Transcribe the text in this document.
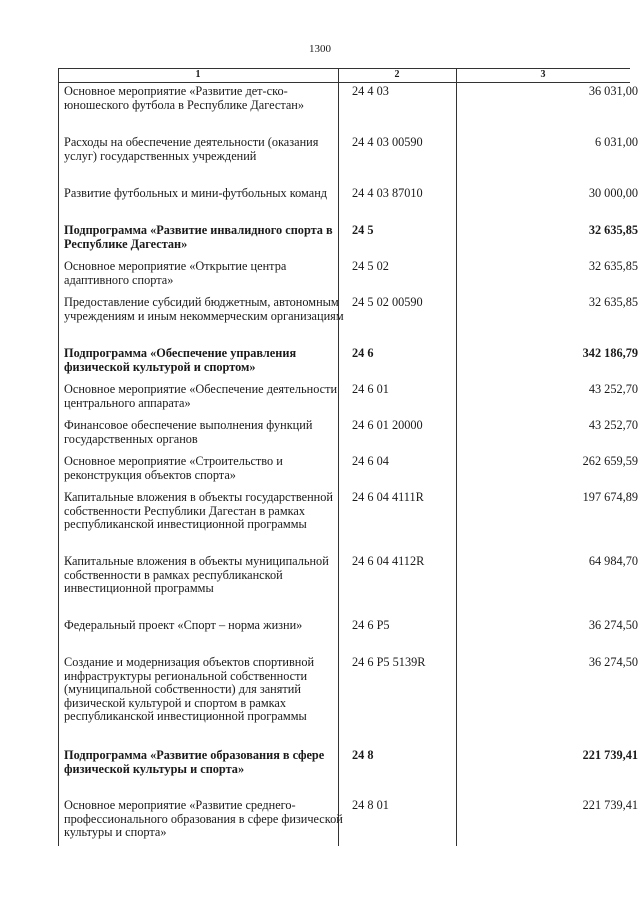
1300
1	2	3
Основное мероприятие «Развитие дет-ско-юношеского футбола в Республике Дагестан»	24 4 03	36 031,00
Расходы на обеспечение деятельности (оказания услуг) государственных учреждений	24 4 03 00590	6 031,00
Развитие футбольных и мини-футбольных команд	24 4 03 87010	30 000,00
Подпрограмма «Развитие инвалидного спорта в Республике Дагестан»	24 5	32 635,85
Основное мероприятие «Открытие центра адаптивного спорта»	24 5 02	32 635,85
Предоставление субсидий бюджетным, автономным учреждениям и иным некоммерческим организациям	24 5 02 00590	32 635,85
Подпрограмма «Обеспечение управления физической культурой и спортом»	24 6	342 186,79
Основное мероприятие «Обеспечение деятельности центрального аппарата»	24 6 01	43 252,70
Финансовое обеспечение выполнения функций государственных органов	24 6 01 20000	43 252,70
Основное мероприятие «Строительство и реконструкция объектов спорта»	24 6 04	262 659,59
Капитальные вложения в объекты государственной собственности Республики Дагестан в рамках республиканской инвестиционной программы	24 6 04 4111R	197 674,89
Капитальные вложения в объекты муниципальной собственности в рамках республиканской инвестиционной программы	24 6 04 4112R	64 984,70
Федеральный проект «Спорт – норма жизни»	24 6 P5	36 274,50
Создание и модернизация объектов спортивной инфраструктуры региональной собственности (муниципальной собственности) для занятий физической культурой и спортом в рамках республиканской инвестиционной программы	24 6 P5 5139R	36 274,50
Подпрограмма «Развитие образования в сфере физической культуры и спорта»	24 8	221 739,41
Основное мероприятие «Развитие среднего-профессионального образования в сфере физической культуры и спорта»	24 8 01	221 739,41
